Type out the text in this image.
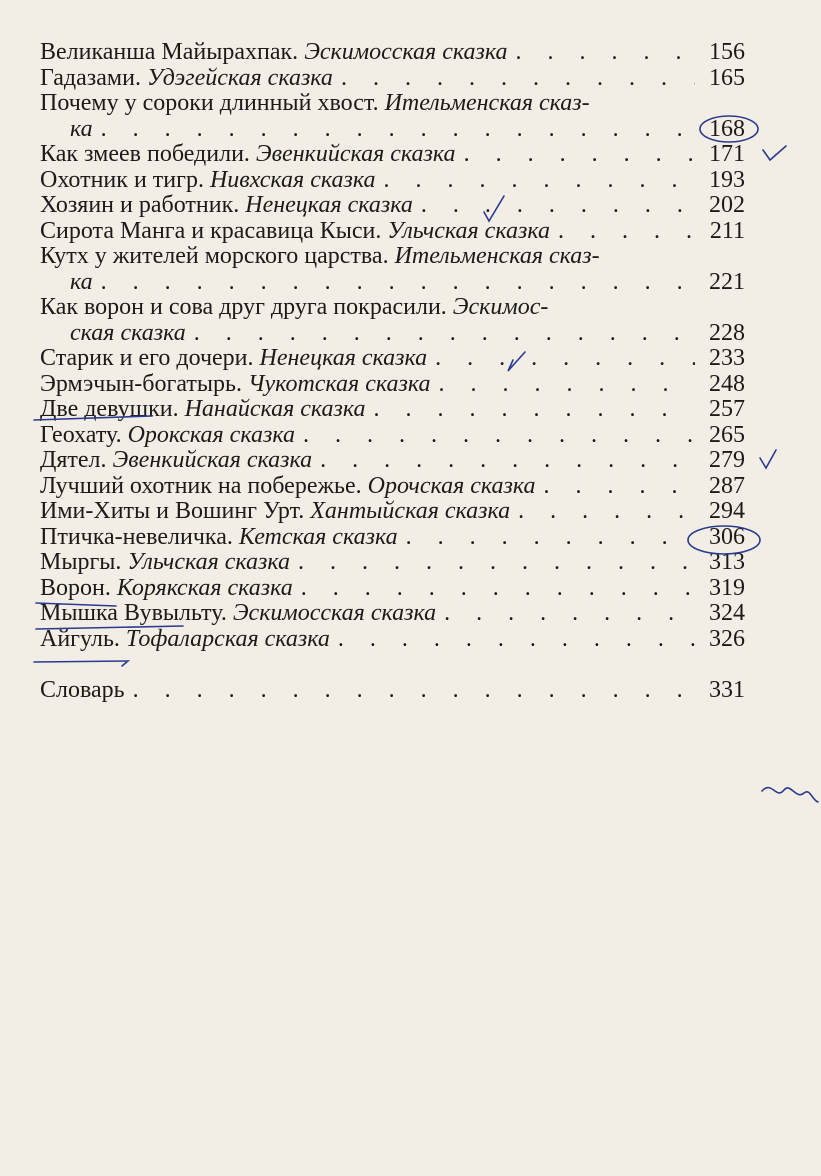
Великанша Майырахпак. Эскимосская сказка . . .	156
Гадазами. Удэгейская сказка . . .	165
Почему у сороки длинный хвост. Ительменская сказ-
ка . . .	168
Как змеев победили. Эвенкийская сказка . . .	171
Охотник и тигр. Нивхская сказка . . .	193
Хозяин и работник. Ненецкая сказка . . .	202
Сирота Манга и красавица Кыси. Ульчская сказка . . .	211
Кутх у жителей морского царства. Ительменская сказ-
ка . . .	221
Как ворон и сова друг друга покрасили. Эскимос-
ская сказка . . .	228
Старик и его дочери. Ненецкая сказка . . .	233
Эрмэчын-богатырь. Чукотская сказка . . .	248
Две девушки. Нанайская сказка . . .	257
Геохату. Орокская сказка . . .	265
Дятел. Эвенкийская сказка . . .	279
Лучший охотник на побережье. Орочская сказка . . .	287
Ими-Хиты и Вошинг Урт. Хантыйская сказка . . .	294
Птичка-невеличка. Кетская сказка . . .	306
Мыргы. Ульчская сказка . . .	313
Ворон. Корякская сказка . . .	319
Мышка Вувыльту. Эскимосская сказка . . .	324
Айгуль. Тофаларская сказка . . .	326
Словарь . . .	331
